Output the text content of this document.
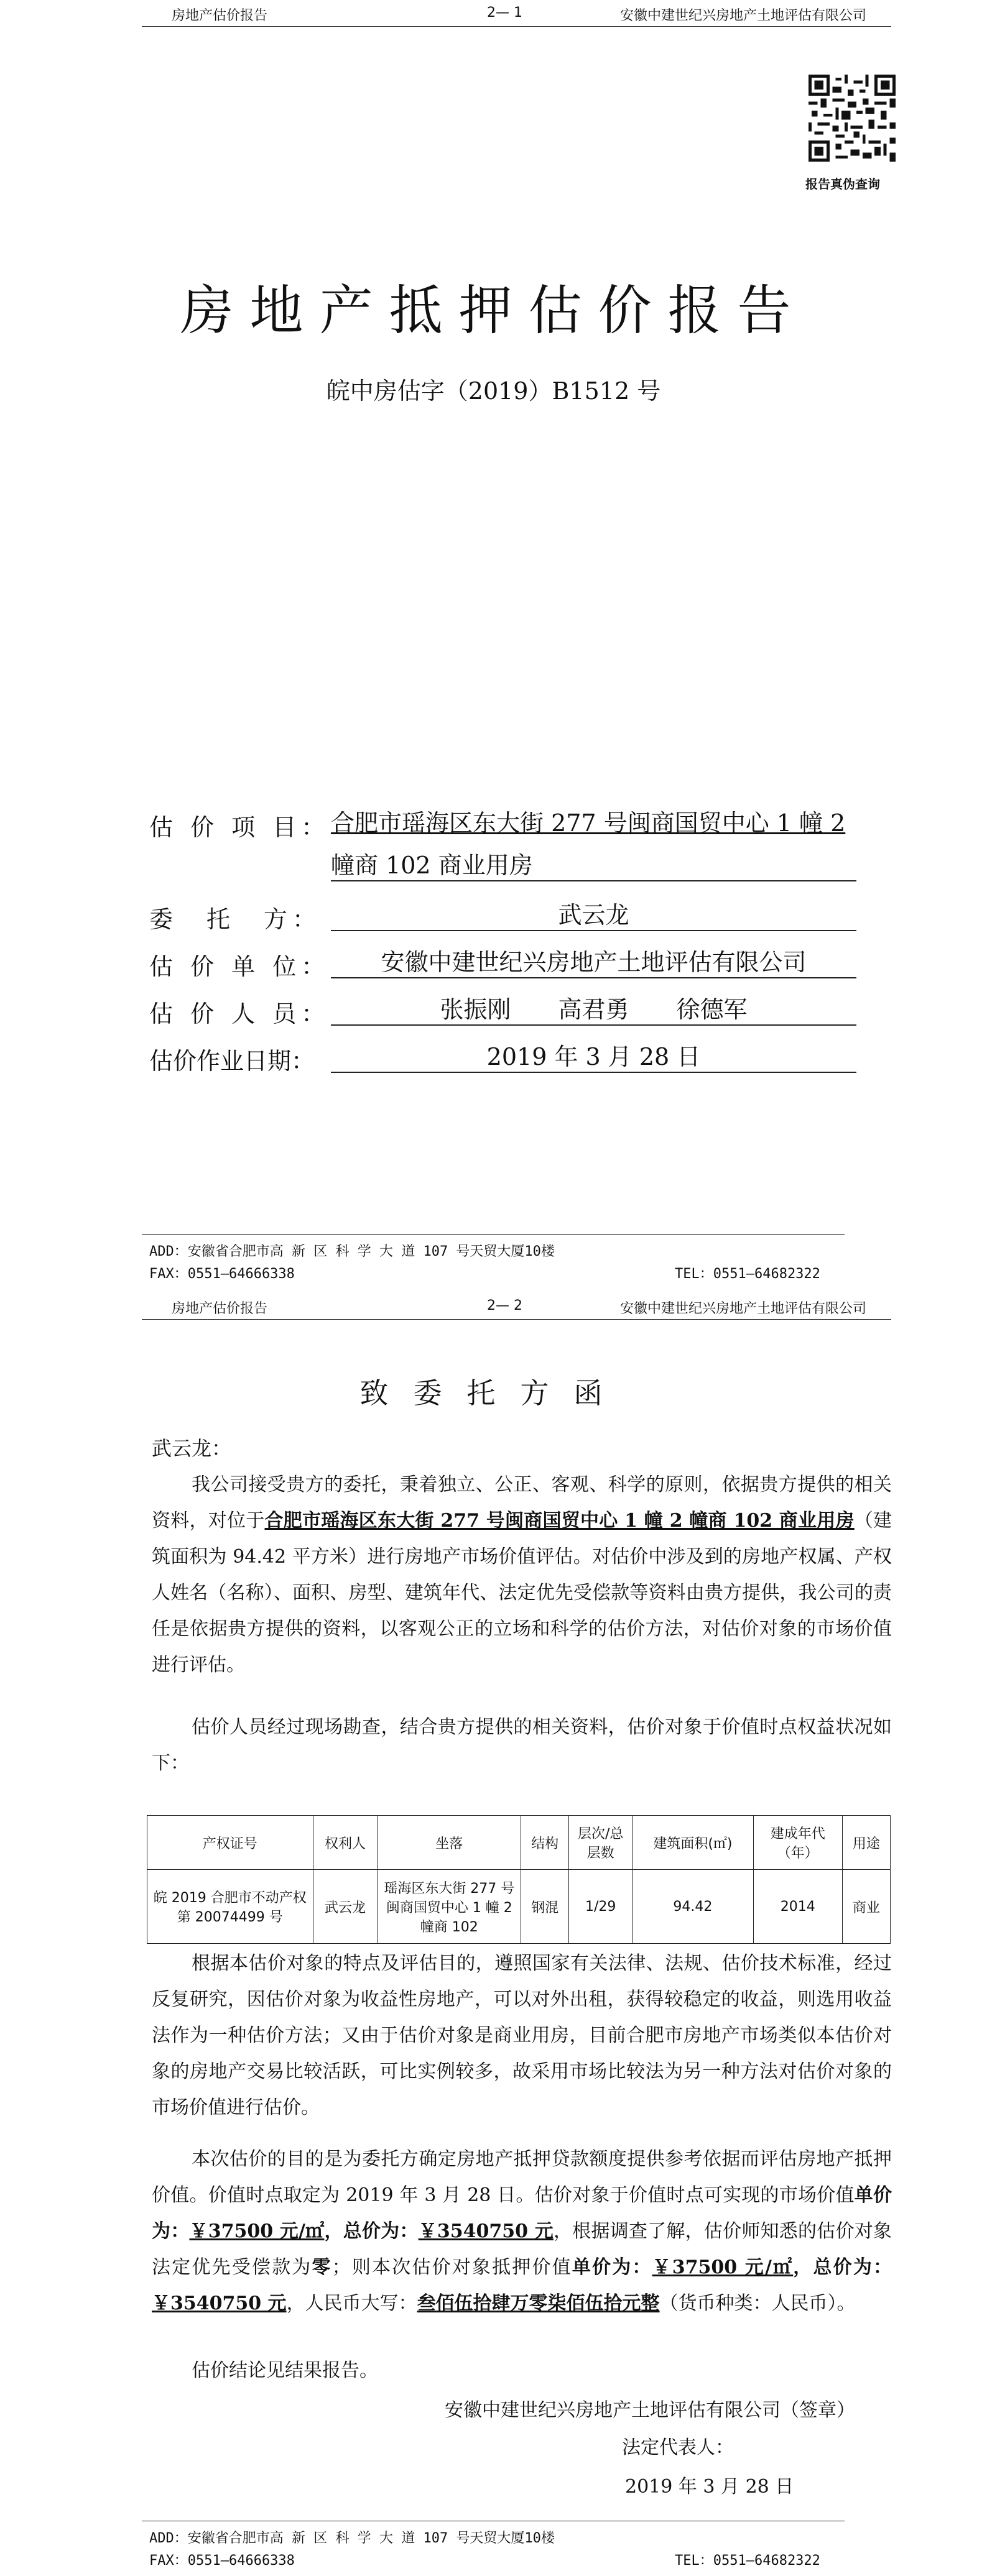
房地产估价报告	2— 1	安徽中建世纪兴房地产土地评估有限公司
报告真伪查询
房地产抵押估价报告
皖中房估字（2019）B1512 号
估 价 项 目： 合肥市瑶海区东大街 277 号闽商国贸中心 1 幢 2
幢商 102 商业用房
委　托　方：	武云龙
估 价 单 位：	安徽中建世纪兴房地产土地评估有限公司
估 价 人 员：	张振刚　　高君勇　　徐德军
估价作业日期：	2019 年 3 月 28 日
ADD：安徽省合肥市高 新 区 科 学 大 道 107 号天贸大厦10楼
FAX：0551—64666338	TEL：0551—64682322
房地产估价报告	2— 2	安徽中建世纪兴房地产土地评估有限公司
致委托方函
武云龙：
我公司接受贵方的委托，秉着独立、公正、客观、科学的原则，依据贵方提供的相关资料，对位于合肥市瑶海区东大街 277 号闽商国贸中心 1 幢 2 幢商 102 商业用房（建筑面积为 94.42 平方米）进行房地产市场价值评估。对估价中涉及到的房地产权属、产权人姓名（名称）、面积、房型、建筑年代、法定优先受偿款等资料由贵方提供，我公司的责任是依据贵方提供的资料，以客观公正的立场和科学的估价方法，对估价对象的市场价值进行评估。
估价人员经过现场勘查，结合贵方提供的相关资料，估价对象于价值时点权益状况如下：
产权证号	权利人	坐落	结构	层次/总层数	建筑面积(㎡)	建成年代（年）	用途
皖 2019 合肥市不动产权第 20074499 号	武云龙	瑶海区东大街 277 号闽商国贸中心 1 幢 2 幢商 102	钢混	1/29	94.42	2014	商业
根据本估价对象的特点及评估目的，遵照国家有关法律、法规、估价技术标准，经过反复研究，因估价对象为收益性房地产，可以对外出租，获得较稳定的收益，则选用收益法作为一种估价方法；又由于估价对象是商业用房，目前合肥市房地产市场类似本估价对象的房地产交易比较活跃，可比实例较多，故采用市场比较法为另一种方法对估价对象的市场价值进行估价。
本次估价的目的是为委托方确定房地产抵押贷款额度提供参考依据而评估房地产抵押价值。价值时点取定为 2019 年 3 月 28 日。估价对象于价值时点可实现的市场价值单价为：￥37500 元/㎡，总价为：￥3540750 元，根据调查了解，估价师知悉的估价对象法定优先受偿款为零；则本次估价对象抵押价值单价为：￥37500 元/㎡，总价为：￥3540750 元，人民币大写：叁佰伍拾肆万零柒佰伍拾元整（货币种类：人民币）。
估价结论见结果报告。
安徽中建世纪兴房地产土地评估有限公司（签章）
法定代表人：
2019 年 3 月 28 日
ADD：安徽省合肥市高 新 区 科 学 大 道 107 号天贸大厦10楼
FAX：0551—64666338	TEL：0551—64682322
